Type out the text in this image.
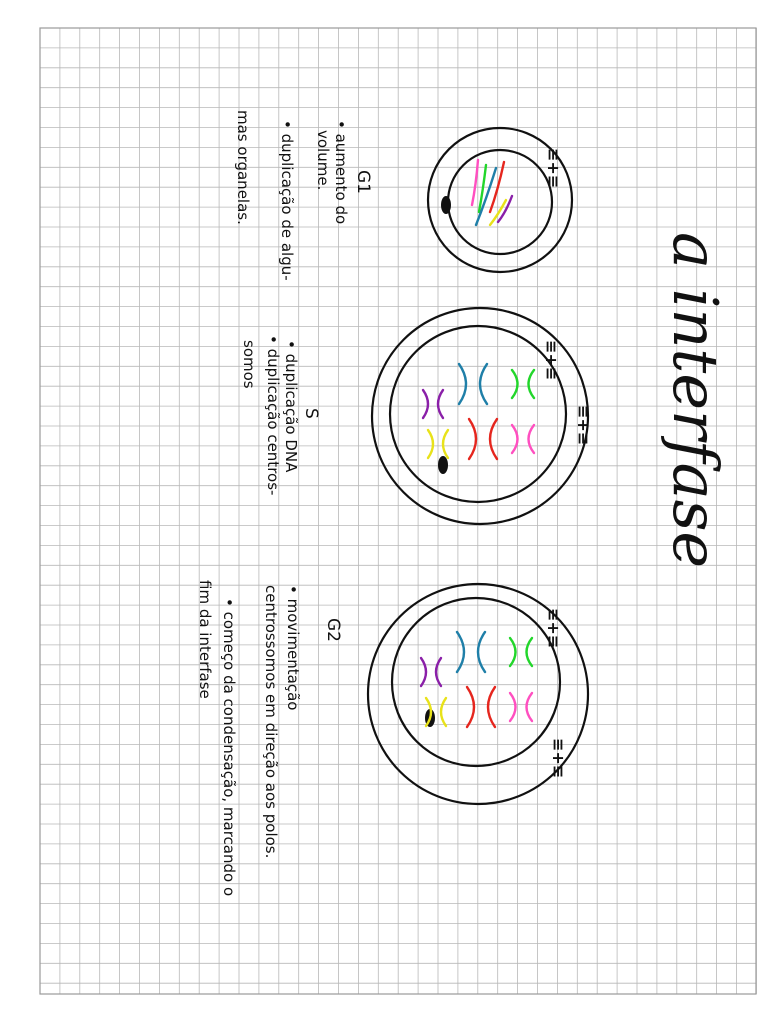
a interfase
≡+≡
G1
• aumento do
volume.
• duplicação de algu-
mas organelas.
≡+≡
≡+≡
S
• duplicação DNA
• duplicação centros-
somos
≡+≡
≡+≡
G2
• movimentação
centrossomos em direção aos polos.
• começo da condensação, marcando o
fim da interfase
